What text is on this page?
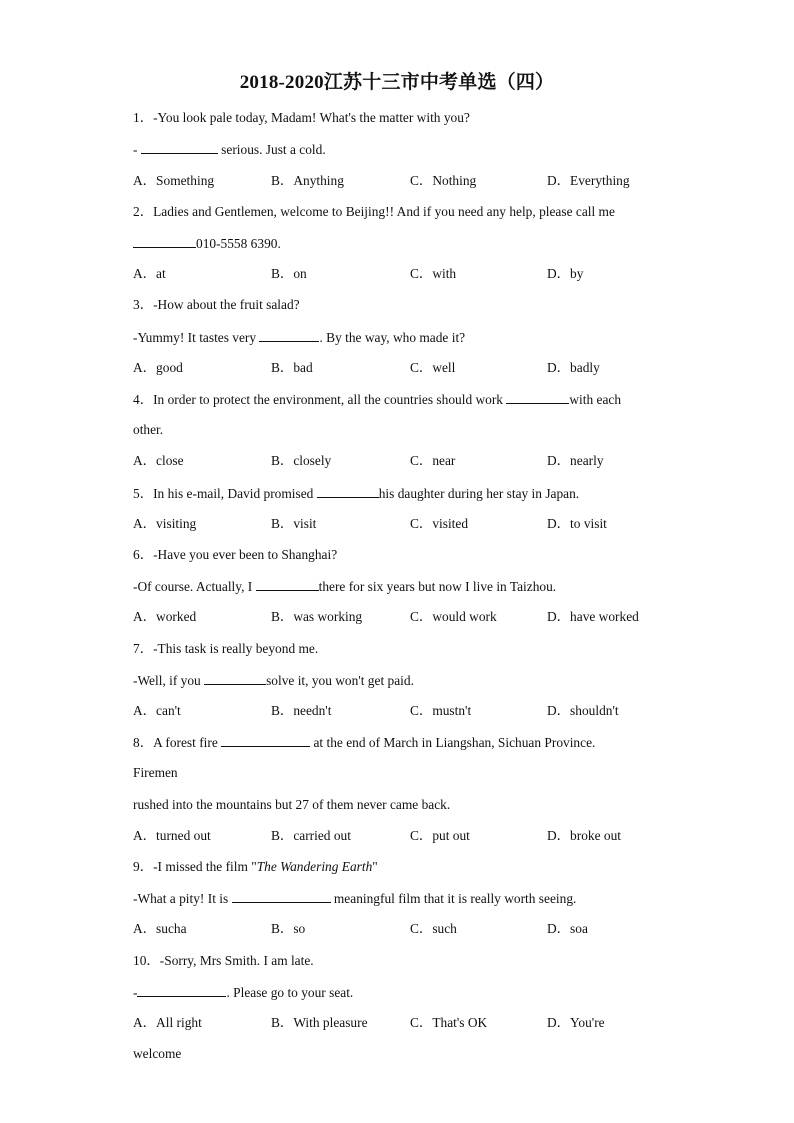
2018-2020江苏十三市中考单选（四）
1．-You look pale today, Madam! What's the matter with you?
-	serious. Just a cold.
A．Something	B．Anything	C．Nothing	D．Everything
2．Ladies and Gentlemen, welcome to Beijing!! And if you need any help, please call me
010-5558 6390.
A．at	B．on	C．with	D．by
3．-How about the fruit salad?
-Yummy! It tastes very	. By the way, who made it?
A．good	B．bad	C．well	D．badly
4．In order to protect the environment, all the countries should work	with each
other.
A．close	B．closely	C．near	D．nearly
5．In his e-mail, David promised	his daughter during her stay in Japan.
A．visiting	B．visit	C．visited	D．to visit
6．-Have you ever been to Shanghai?
-Of course. Actually, I	there for six years but now I live in Taizhou.
A．worked	B．was working	C．would work	D．have worked
7．-This task is really beyond me.
-Well, if you	solve it, you won't get paid.
A．can't	B．needn't	C．mustn't	D．shouldn't
8．A forest fire	at the end of March in Liangshan, Sichuan Province.
Firemen
rushed into the mountains but 27 of them never came back.
A．turned out	B．carried out	C．put out	D．broke out
9．-I missed the film "The Wandering Earth"
-What a pity! It is	meaningful film that it is really worth seeing.
A．sucha	B．so	C．such	D．soa
10．-Sorry, Mrs Smith. I am late.
-	. Please go to your seat.
A．All right	B．With pleasure	C．That's OK	D．You're
welcome
